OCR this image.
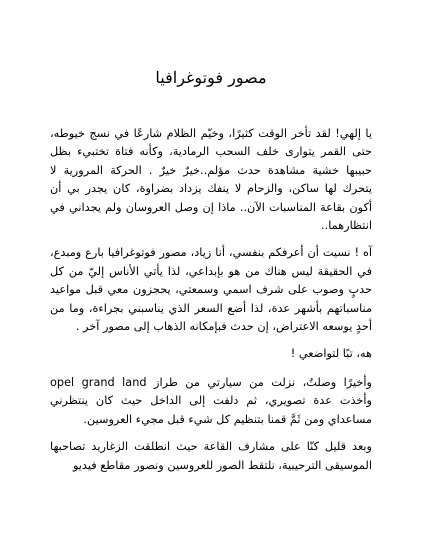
مصور فوتوغرافيا

يا إلهي! لقد تأخر الوقت كثيرًا، وخيّم الظلام شارعًا في نسج خيوطه، حتى القمر يتوارى خلف السحب الرمادية، وكأنه فتاة تختبيء بظل حبيبها خشية مشاهدة حدث مؤلم..خيرٌ خيرٌ . الحركة المرورية لا يتحرك لها ساكن، والزحام لا ينفك يزداد بضراوة، كان يجدر بي أن أكون بقاعة المناسبات الآن.. ماذا إن وصل العروسان ولم يجداني في انتظارهما..

آه ! نسيت أن أعرفكم بنفسي، أنا زياد، مصور فوتوغرافيا بارع ومبدع، في الحقيقة ليس هناك من هو بإبداعي، لذا يأتي الأناس إليّ من كل حدبٍ وصوب على شرف اسمي وسمعتي، يحجزون معي قبل مواعيد مناسباتهم بأشهر عدة، لذا أضع السعر الذي يناسبني بجراءة، وما من أحدٍ يوسعه الاعتراض، إن حدث فبإمكانه الذهاب إلى مصور آخر .

هه، تبًا لتواضعي !

وأخيرًا وصلتُ، نزلت من سيارتي من طراز opel grand land وأخذت عدة تصويري، ثم دلفت إلى الداخل حيث كان ينتظرني مساعداي ومن ثَمَّ قمنا بتنظيم كل شيء قبل مجيء العروسين.

وبعد قليل كنّا على مشارف القاعة حيث انطلقت الزغاريد تصاحبها الموسيقى الترحيبية، نلتقط الصور للعروسين ونصور مقاطع فيديو
